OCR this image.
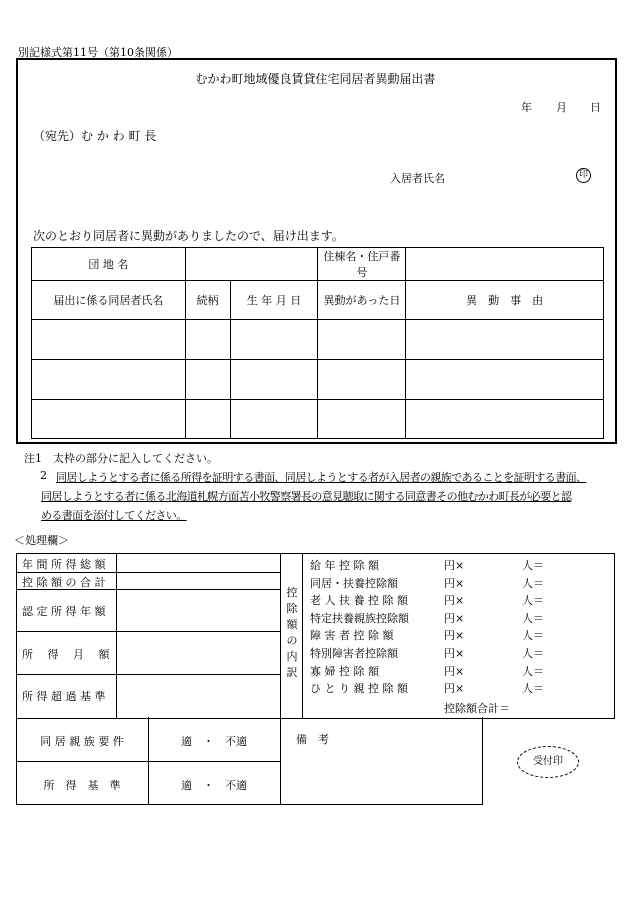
別記様式第11号（第10条関係）
むかわ町地域優良賃貸住宅同居者異動届出書
年 月 日
（宛先）む か わ 町 長
入居者氏名	印
次のとおり同居者に異動がありましたので、届け出ます。
団 地 名			住棟名・住戸番号	
届出に係る同居者氏名	続柄	生 年 月 日	異動があった日	異　動　事　由

注1　太枠の部分に記入してください。
2 同居しようとする者に係る所得を証明する書面、同居しようとする者が入居者の親族であることを証明する書面、
同居しようとする者に係る北海道札幌方面苫小牧警察署長の意見聴取に関する同意書その他むかわ町長が必要と認
める書面を添付してください。
＜処理欄＞
年 間 所 得 総 額
控 除 額 の 合 計
認 定 所 得 年 額
所　 得　 月　 額
所 得 超 過 基 準
控
除
額
の
内
訳
給 年 控 除 額	円×	人＝
同居・扶養控除額	円×	人＝
老 人 扶 養 控 除 額	円×	人＝
特定扶養親族控除額	円×	人＝
障 害 者 控 除 額	円×	人＝
特別障害者控除額	円×	人＝
寡 婦 控 除 額	円×	人＝
ひ と り 親 控 除 額	円×	人＝
控除額合計＝
同 居 親 族 要 件	適　・　不適
所　得　基　準	適　・　不適
備　考
受付印
